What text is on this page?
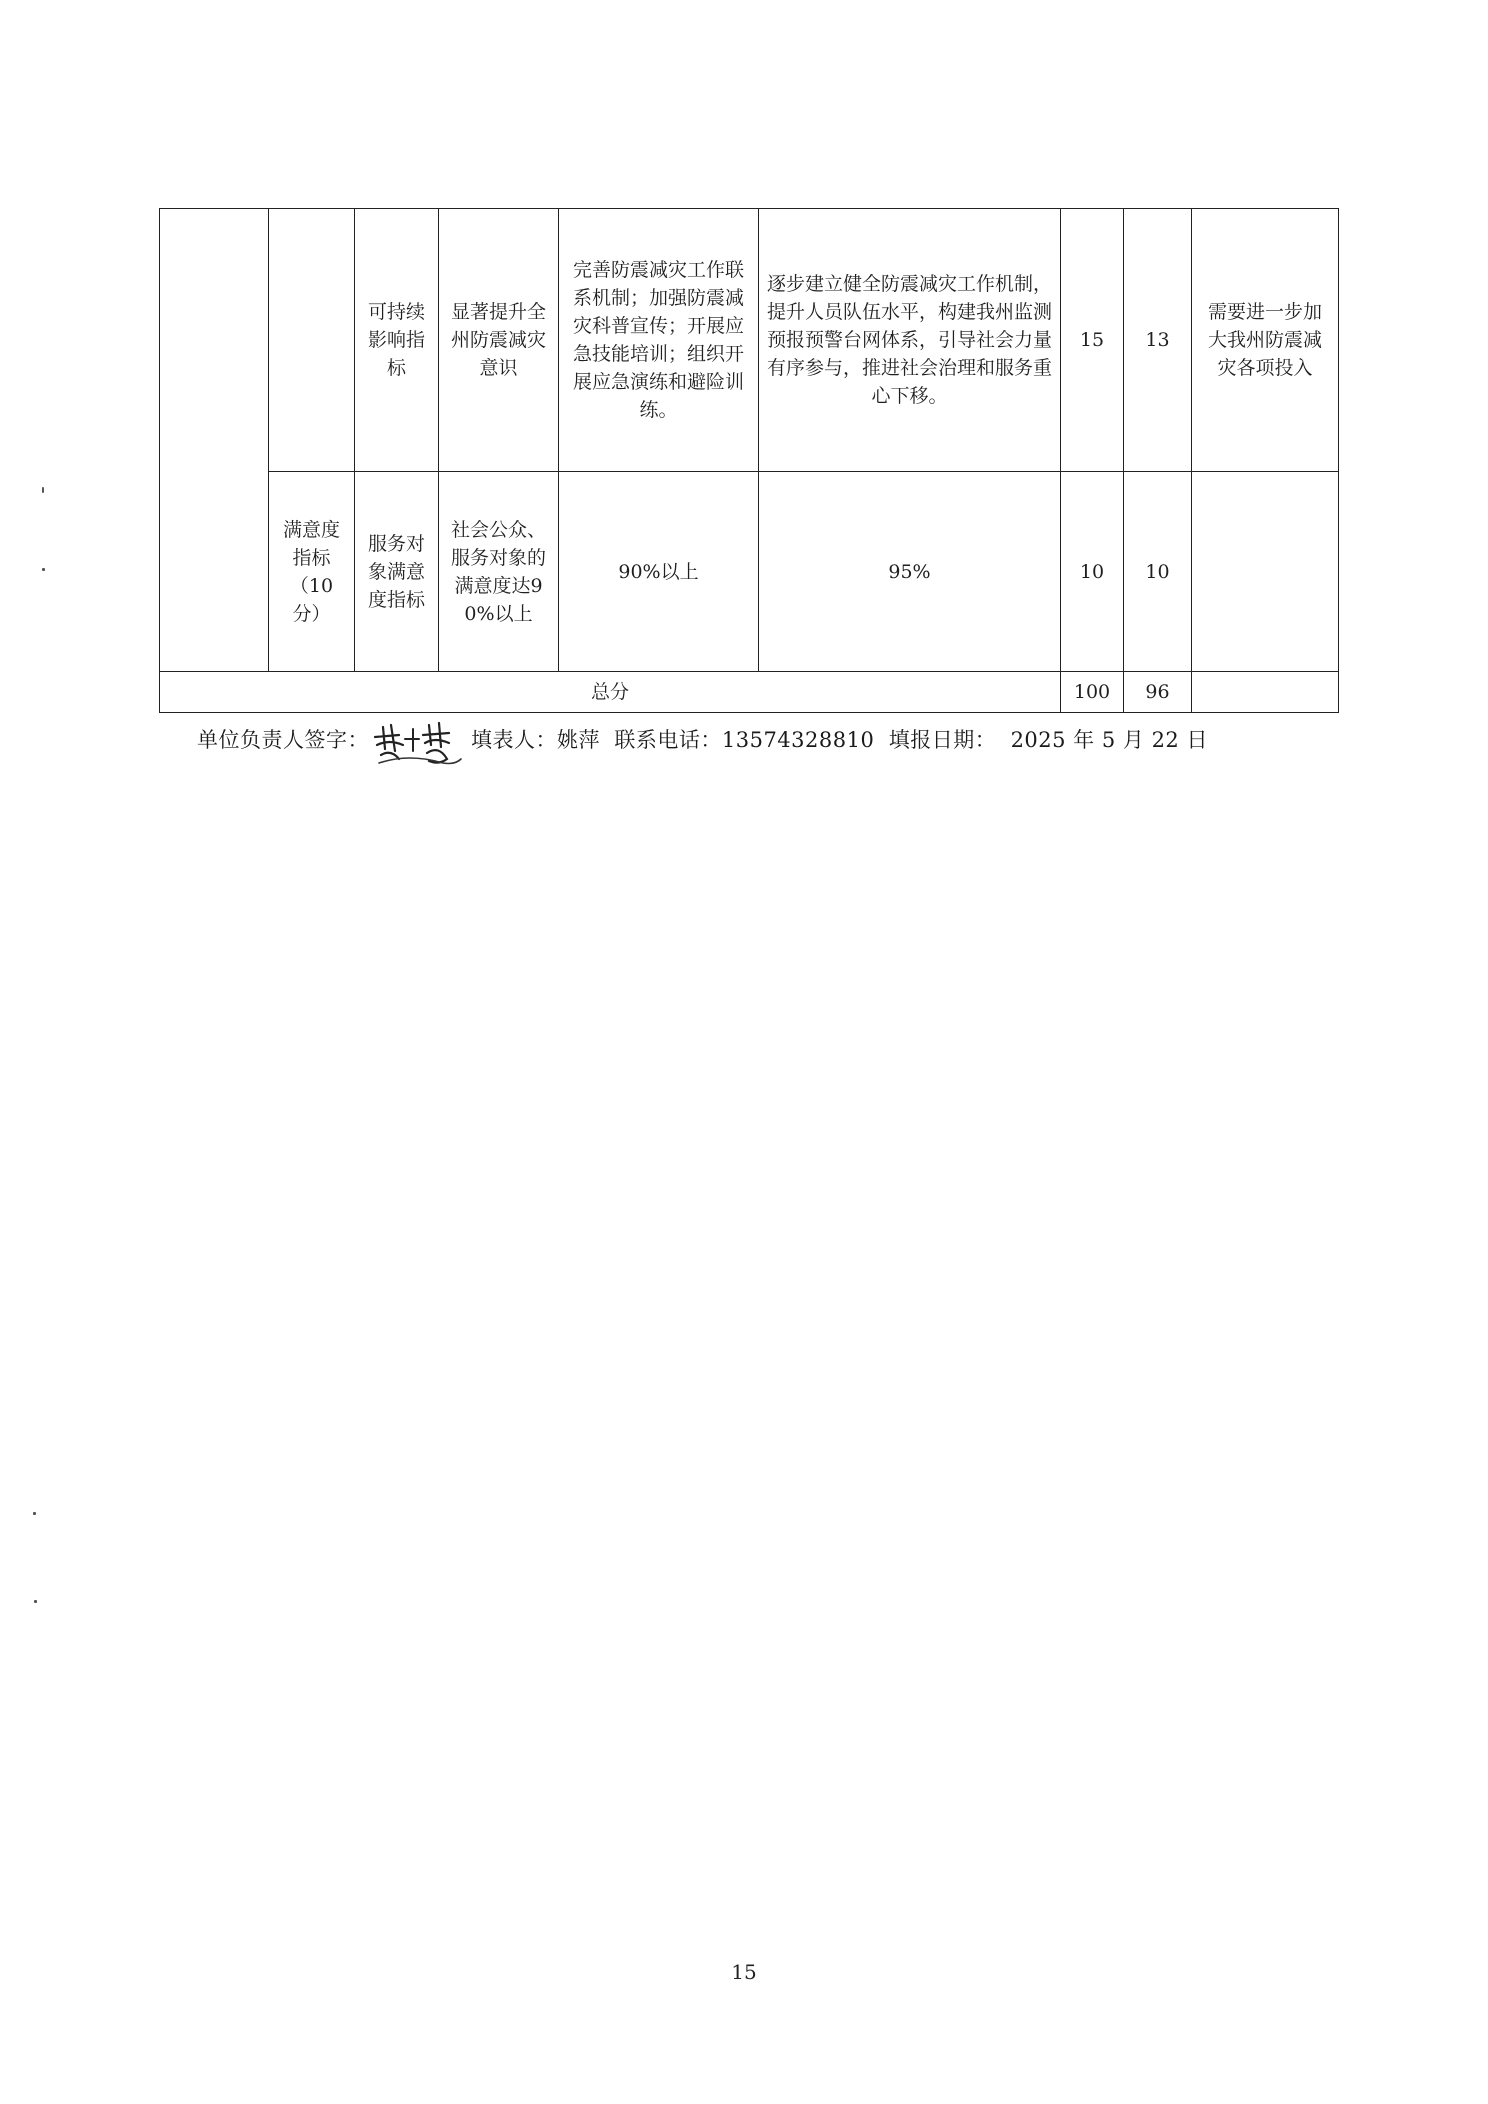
		可持续影响指标	显著提升全州防震减灾意识	完善防震减灾工作联系机制；加强防震减灾科普宣传；开展应急技能培训；组织开展应急演练和避险训练。	逐步建立健全防震减灾工作机制，提升人员队伍水平，构建我州监测预报预警台网体系，引导社会力量有序参与，推进社会治理和服务重心下移。	15	13	需要进一步加大我州防震减灾各项投入
	满意度指标（10分）	服务对象满意度指标	社会公众、服务对象的满意度达90%以上	90%以上	95%	10	10	
总分						100	96	
单位负责人签字：	填表人：姚萍 联系电话：13574328810 填报日期： 2025 年 5 月 22 日
15
